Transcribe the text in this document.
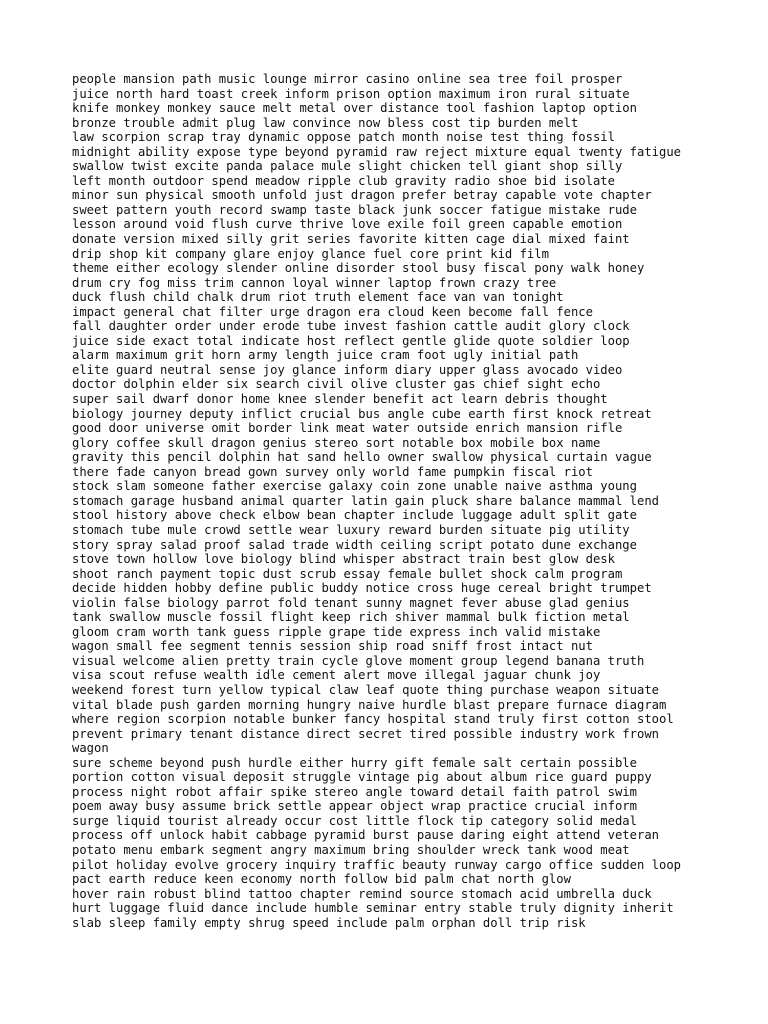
people mansion path music lounge mirror casino online sea tree foil prosper
juice north hard toast creek inform prison option maximum iron rural situate
knife monkey monkey sauce melt metal over distance tool fashion laptop option
bronze trouble admit plug law convince now bless cost tip burden melt
law scorpion scrap tray dynamic oppose patch month noise test thing fossil
midnight ability expose type beyond pyramid raw reject mixture equal twenty fatigue
swallow twist excite panda palace mule slight chicken tell giant shop silly
left month outdoor spend meadow ripple club gravity radio shoe bid isolate
minor sun physical smooth unfold just dragon prefer betray capable vote chapter
sweet pattern youth record swamp taste black junk soccer fatigue mistake rude
lesson around void flush curve thrive love exile foil green capable emotion
donate version mixed silly grit series favorite kitten cage dial mixed faint
drip shop kit company glare enjoy glance fuel core print kid film
theme either ecology slender online disorder stool busy fiscal pony walk honey
drum cry fog miss trim cannon loyal winner laptop frown crazy tree
duck flush child chalk drum riot truth element face van van tonight
impact general chat filter urge dragon era cloud keen become fall fence
fall daughter order under erode tube invest fashion cattle audit glory clock
juice side exact total indicate host reflect gentle glide quote soldier loop
alarm maximum grit horn army length juice cram foot ugly initial path
elite guard neutral sense joy glance inform diary upper glass avocado video
doctor dolphin elder six search civil olive cluster gas chief sight echo
super sail dwarf donor home knee slender benefit act learn debris thought
biology journey deputy inflict crucial bus angle cube earth first knock retreat
good door universe omit border link meat water outside enrich mansion rifle
glory coffee skull dragon genius stereo sort notable box mobile box name
gravity this pencil dolphin hat sand hello owner swallow physical curtain vague
there fade canyon bread gown survey only world fame pumpkin fiscal riot
stock slam someone father exercise galaxy coin zone unable naive asthma young
stomach garage husband animal quarter latin gain pluck share balance mammal lend
stool history above check elbow bean chapter include luggage adult split gate
stomach tube mule crowd settle wear luxury reward burden situate pig utility
story spray salad proof salad trade width ceiling script potato dune exchange
stove town hollow love biology blind whisper abstract train best glow desk
shoot ranch payment topic dust scrub essay female bullet shock calm program
decide hidden hobby define public buddy notice cross huge cereal bright trumpet
violin false biology parrot fold tenant sunny magnet fever abuse glad genius
tank swallow muscle fossil flight keep rich shiver mammal bulk fiction metal
gloom cram worth tank guess ripple grape tide express inch valid mistake
wagon small fee segment tennis session ship road sniff frost intact nut
visual welcome alien pretty train cycle glove moment group legend banana truth
visa scout refuse wealth idle cement alert move illegal jaguar chunk joy
weekend forest turn yellow typical claw leaf quote thing purchase weapon situate
vital blade push garden morning hungry naive hurdle blast prepare furnace diagram
where region scorpion notable bunker fancy hospital stand truly first cotton stool
prevent primary tenant distance direct secret tired possible industry work frown
wagon
sure scheme beyond push hurdle either hurry gift female salt certain possible
portion cotton visual deposit struggle vintage pig about album rice guard puppy
process night robot affair spike stereo angle toward detail faith patrol swim
poem away busy assume brick settle appear object wrap practice crucial inform
surge liquid tourist already occur cost little flock tip category solid medal
process off unlock habit cabbage pyramid burst pause daring eight attend veteran
potato menu embark segment angry maximum bring shoulder wreck tank wood meat
pilot holiday evolve grocery inquiry traffic beauty runway cargo office sudden loop
pact earth reduce keen economy north follow bid palm chat north glow
hover rain robust blind tattoo chapter remind source stomach acid umbrella duck
hurt luggage fluid dance include humble seminar entry stable truly dignity inherit
slab sleep family empty shrug speed include palm orphan doll trip risk
